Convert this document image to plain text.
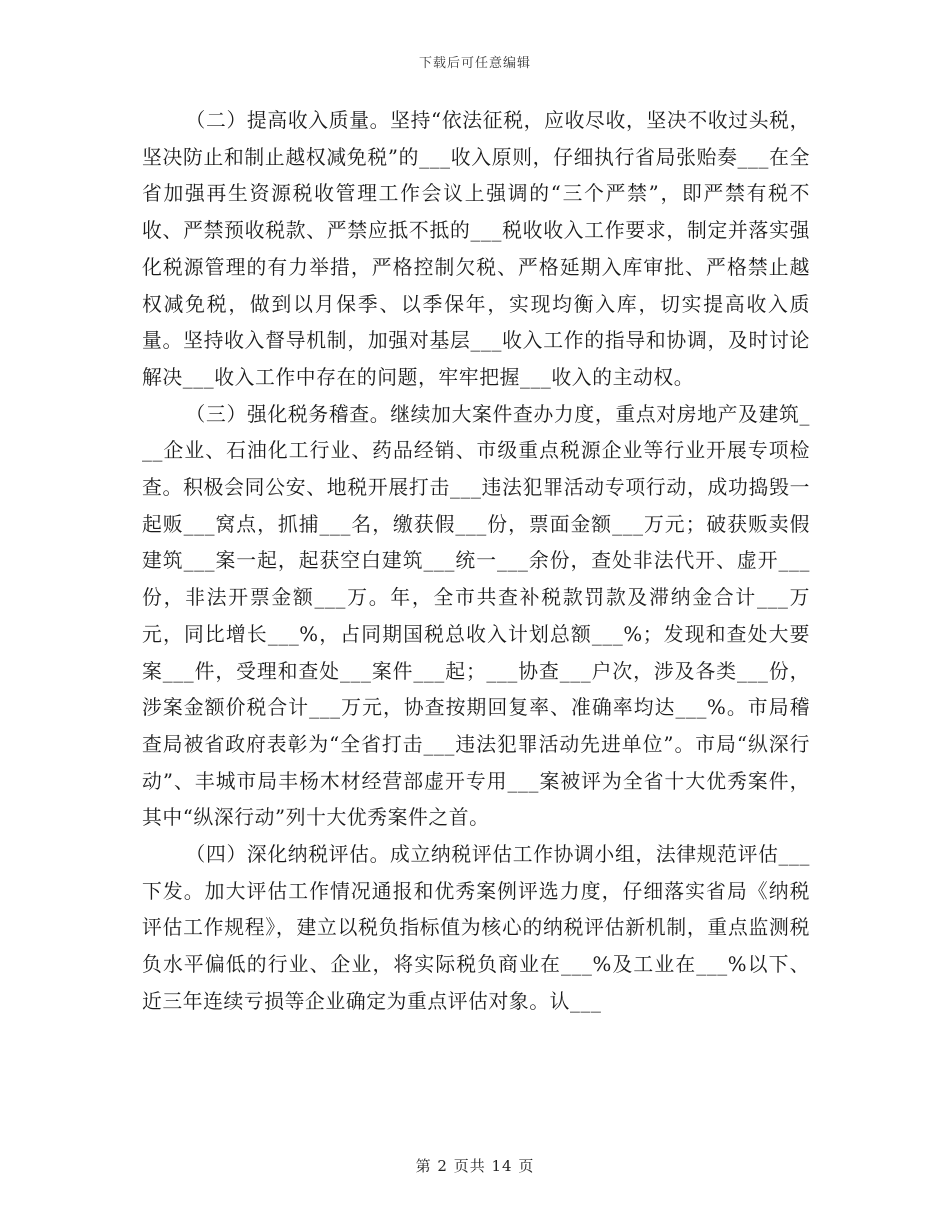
下载后可任意编辑

（二）提高收入质量。坚持“依法征税，应收尽收，坚决不收过头税，坚决防止和制止越权减免税”的___收入原则，仔细执行省局张贻奏___在全省加强再生资源税收管理工作会议上强调的“三个严禁”，即严禁有税不收、严禁预收税款、严禁应抵不抵的___税收收入工作要求，制定并落实强化税源管理的有力举措，严格控制欠税、严格延期入库审批、严格禁止越权减免税，做到以月保季、以季保年，实现均衡入库，切实提高收入质量。坚持收入督导机制，加强对基层___收入工作的指导和协调，及时讨论解决___收入工作中存在的问题，牢牢把握___收入的主动权。

（三）强化税务稽查。继续加大案件查办力度，重点对房地产及建筑___企业、石油化工行业、药品经销、市级重点税源企业等行业开展专项检查。积极会同公安、地税开展打击___违法犯罪活动专项行动，成功捣毁一起贩___窝点，抓捕___名，缴获假___份，票面金额___万元；破获贩卖假建筑___案一起，起获空白建筑___统一___余份，查处非法代开、虚开___份，非法开票金额___万。年，全市共查补税款罚款及滞纳金合计___万元，同比增长___%，占同期国税总收入计划总额___%；发现和查处大要案___件，受理和查处___案件___起；___协查___户次，涉及各类___份，涉案金额价税合计___万元，协查按期回复率、准确率均达___%。市局稽查局被省政府表彰为“全省打击___违法犯罪活动先进单位”。市局“纵深行动”、丰城市局丰杨木材经营部虚开专用___案被评为全省十大优秀案件，其中“纵深行动”列十大优秀案件之首。

（四）深化纳税评估。成立纳税评估工作协调小组，法律规范评估___下发。加大评估工作情况通报和优秀案例评选力度，仔细落实省局《纳税评估工作规程》，建立以税负指标值为核心的纳税评估新机制，重点监测税负水平偏低的行业、企业，将实际税负商业在___%及工业在___%以下、近三年连续亏损等企业确定为重点评估对象。认___

第 2 页共 14 页
